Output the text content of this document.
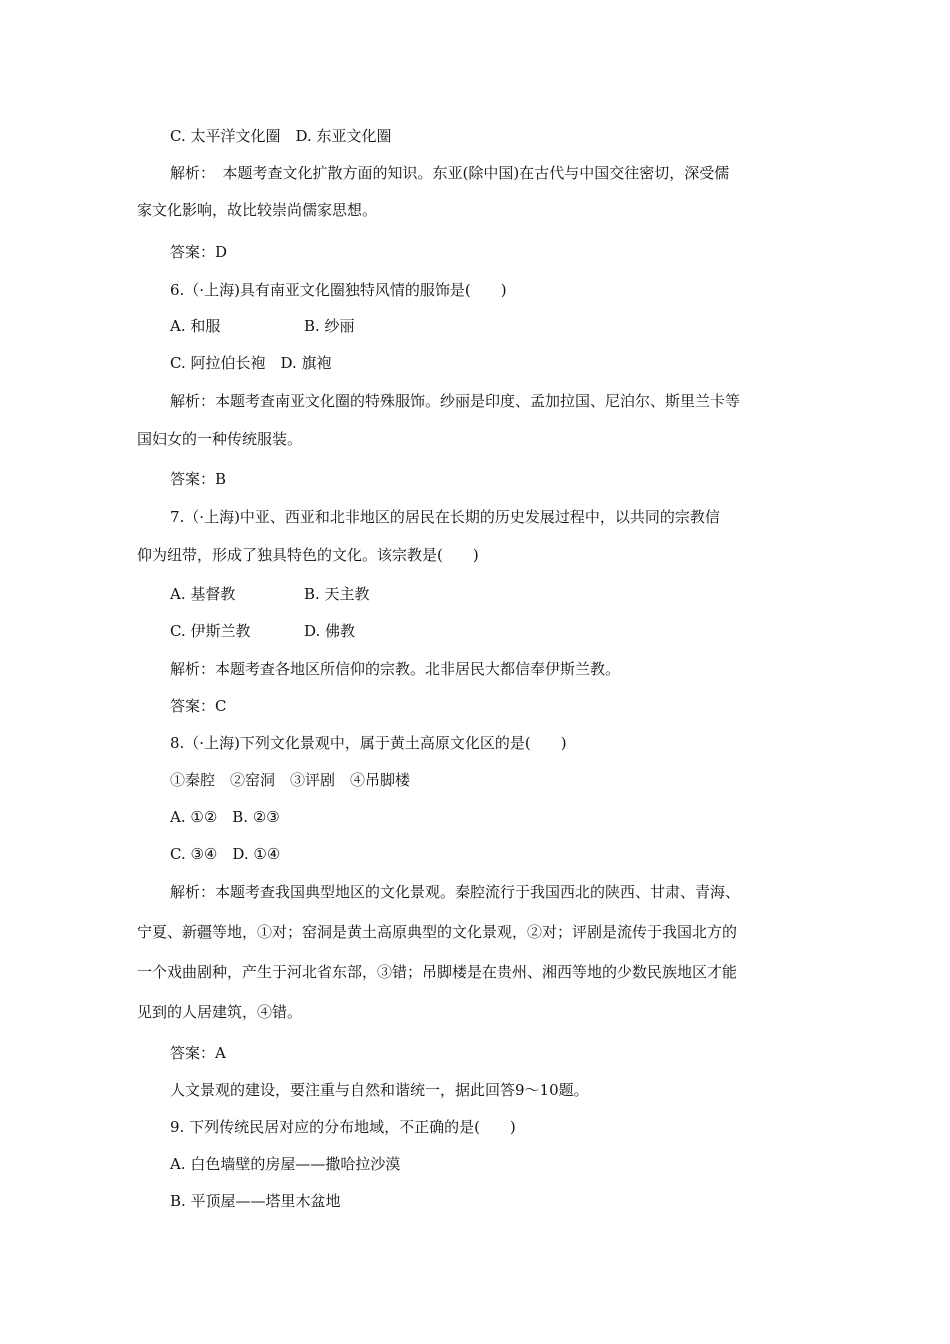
C. 太平洋文化圈　D. 东亚文化圈
解析：　本题考查文化扩散方面的知识。东亚(除中国)在古代与中国交往密切，深受儒
家文化影响，故比较崇尚儒家思想。
答案：D
6.（·上海)具有南亚文化圈独特风情的服饰是(　　)
A. 和服	B. 纱丽
C. 阿拉伯长袍　D. 旗袍
解析：本题考查南亚文化圈的特殊服饰。纱丽是印度、孟加拉国、尼泊尔、斯里兰卡等
国妇女的一种传统服装。
答案：B
7.（·上海)中亚、西亚和北非地区的居民在长期的历史发展过程中，以共同的宗教信
仰为纽带，形成了独具特色的文化。该宗教是(　　)
A. 基督教	B. 天主教
C. 伊斯兰教	D. 佛教
解析：本题考查各地区所信仰的宗教。北非居民大都信奉伊斯兰教。
答案：C
8.（·上海)下列文化景观中，属于黄土高原文化区的是(　　)
①秦腔　②窑洞　③评剧　④吊脚楼
A. ①②　B. ②③
C. ③④　D. ①④
解析：本题考查我国典型地区的文化景观。秦腔流行于我国西北的陕西、甘肃、青海、
宁夏、新疆等地，①对；窑洞是黄土高原典型的文化景观，②对；评剧是流传于我国北方的
一个戏曲剧种，产生于河北省东部，③错；吊脚楼是在贵州、湘西等地的少数民族地区才能
见到的人居建筑，④错。
答案：A
人文景观的建设，要注重与自然和谐统一，据此回答9～10题。
9. 下列传统民居对应的分布地域，不正确的是(　　)
A. 白色墙壁的房屋——撒哈拉沙漠
B. 平顶屋——塔里木盆地
